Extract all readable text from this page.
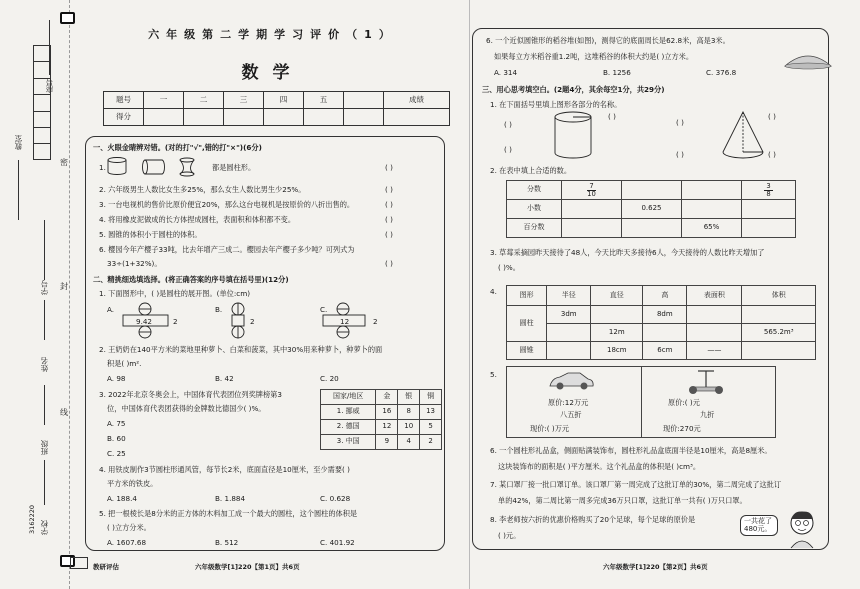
座号
教室
学号
姓名
班级
学校
3162220
密
封
线
六年级第二学期学习评价（1）
数学
题号	一	二	三	四	五		成绩
得分							
一、火眼金睛辨对错。(对的打"√",错的打"×")(6分)
1.	都是圆柱形。	( )
2. 六年级男生人数比女生多25%，那么女生人数比男生少25%。	( )
3. 一台电视机的售价比原价便宜20%，那么这台电视机是按原价的八折出售的。	( )
4. 将用橡皮泥做成的长方体捏成圆柱，表面积和体积都不变。	( )
5. 圆锥的体积小于圆柱的体积。	( )
6. 樱园今年产樱子33吨，比去年增产三成二。樱园去年产樱子多少吨？可列式为
33÷(1+32%)。	( )
二、精挑细选填选择。(将正确答案的序号填在括号里)(12分)
1. 下面图形中，( )是圆柱的展开图。(单位:cm)
A.	B.	C.
9.42	2	2	12	2
2. 王奶奶在140平方米的菜地里种萝卜、白菜和菠菜，其中30%用来种萝卜，种萝卜的面
积是( )m².
A. 98	B. 42	C. 20
3. 2022年北京冬奥会上，中国体育代表团位列奖牌榜第3
位，中国体育代表团获得的金牌数比德国少( )%。
A. 75
B. 60
C. 25
国家/地区	金	银	铜
1. 挪威	16	8	13
2. 德国	12	10	5
3. 中国	9	4	2
4. 用铁皮制作3节圆柱形通风管，每节长2米，底面直径是10厘米，至少需要( )
平方米的铁皮。
A. 188.4	B. 1.884	C. 0.628
5. 把一根棱长是8分米的正方体的木料加工成一个最大的圆柱，这个圆柱的体积是
( )立方分米。
A. 1607.68	B. 512	C. 401.92
教研评估	六年级数学[1]220【第1页】共6页
6. 一个近似圆锥形的稻谷堆(如图)，测得它的底面周长是62.8米，高是3米。
如果每立方米稻谷重1.2吨，这堆稻谷的体积大约是( )立方米。
A. 314	B. 1256	C. 376.8
三、用心思考填空白。(2题4分，其余每空1分，共29分)
1. 在下面括号里填上图形各部分的名称。
( )
( )
( )
( )
( )
( )
( )
2. 在表中填上合适的数。
分数	$\frac{7}{10}$			$\frac{3}{8}$

小数		0.625		
百分数			65%	
3. 草莓采摘园昨天接待了48人，今天比昨天多接待6人，今天接待的人数比昨天增加了
( )%。
4.	图形	半径	直径	高	表面积	体积
圆柱	3dm		8dm		
		12m			565.2m³
圆锥		18cm	6cm	——	
5.
原价:12万元
八五折
现价:( )万元
原价:( )元
九折
现价:270元
6. 一个圆柱形礼品盒，侧面贴满装饰布，圆柱形礼品盒底面半径是10厘米，高是8厘米。
这块装饰布的面积是( )平方厘米。这个礼品盒的体积是( )cm³。
7. 某口罩厂接一批口罩订单。该口罩厂第一周完成了这批订单的30%，第二周完成了这批订
单的42%，第二周比第一周多完成36万只口罩，这批订单一共有( )万只口罩。
8. 李老师按六折的优惠价格购买了20个足球，每个足球的原价是
( )元。
一共花了480元。
六年级数学[1]220【第2页】共6页
